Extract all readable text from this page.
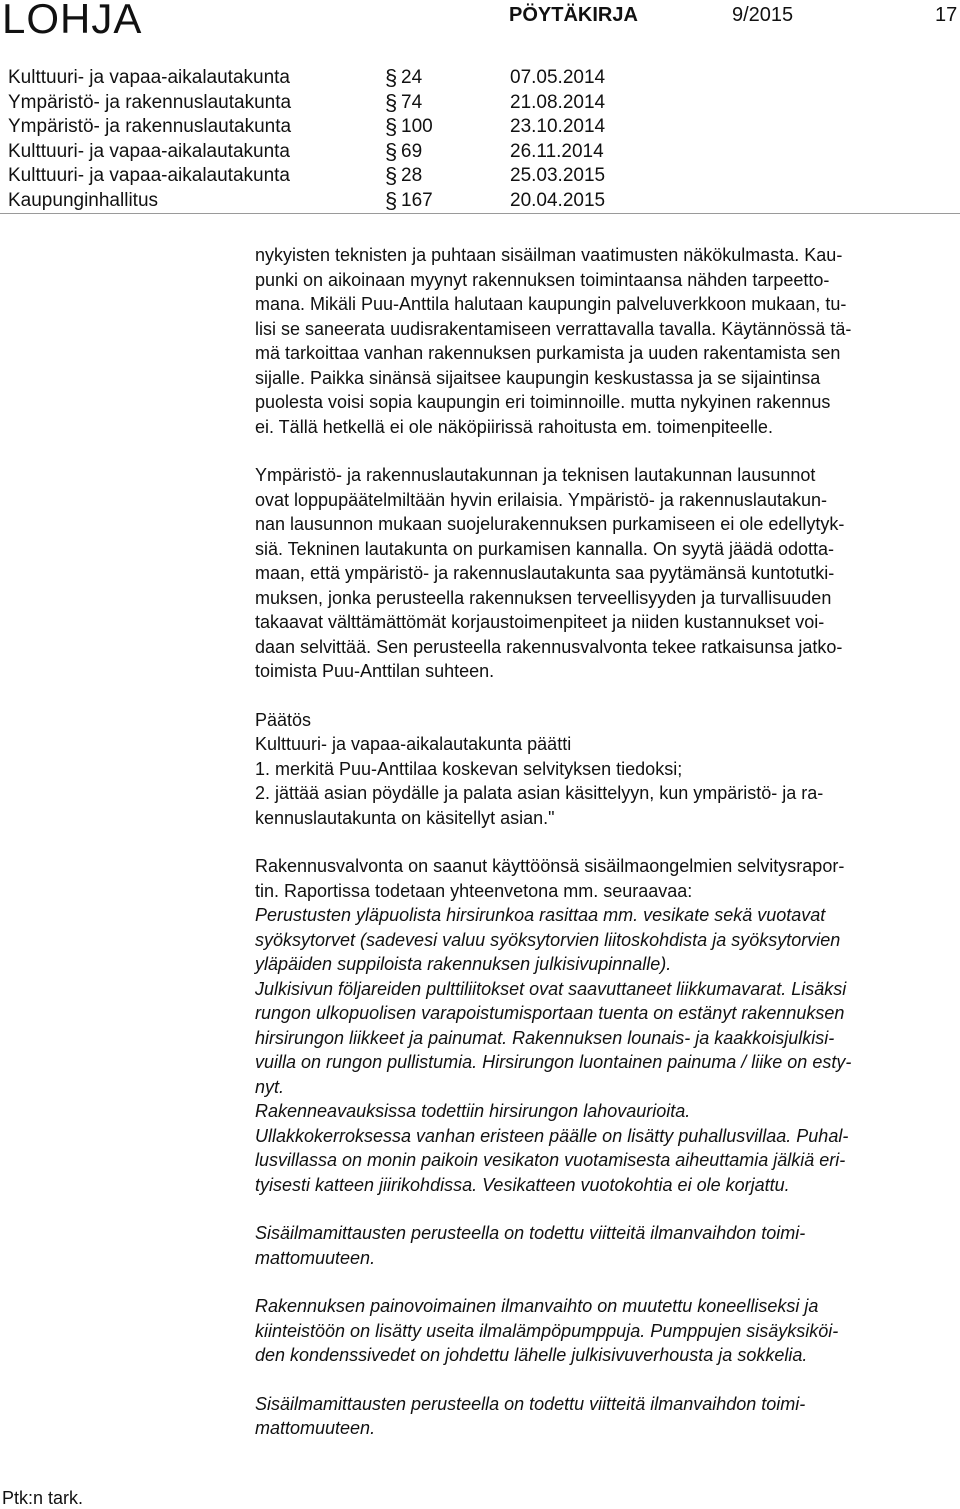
LOHJA	PÖYTÄKIRJA	9/2015	17
Kulttuuri- ja vapaa-aikalautakunta	§ 24	07.05.2014
Ympäristö- ja rakennuslautakunta	§ 74	21.08.2014
Ympäristö- ja rakennuslautakunta	§ 100	23.10.2014
Kulttuuri- ja vapaa-aikalautakunta	§ 69	26.11.2014
Kulttuuri- ja vapaa-aikalautakunta	§ 28	25.03.2015
Kaupunginhallitus	§ 167	20.04.2015

nykyisten teknisten ja puhtaan sisäilman vaatimusten näkökulmasta. Kau-
punki on aikoinaan myynyt rakennuksen toimintaansa nähden tarpeetto-
mana. Mikäli Puu-Anttila halutaan kaupungin palveluverkkoon mukaan, tu-
lisi se saneerata uudisrakentamiseen verrattavalla tavalla. Käytännössä tä-
mä tarkoittaa vanhan rakennuksen purkamista ja uuden rakentamista sen
sijalle. Paikka sinänsä sijaitsee kaupungin keskustassa ja se sijaintinsa
puolesta voisi sopia kaupungin eri toiminnoille. mutta nykyinen rakennus
ei. Tällä hetkellä ei ole näköpiirissä rahoitusta em. toimenpiteelle.

Ympäristö- ja rakennuslautakunnan ja teknisen lautakunnan lausunnot
ovat loppupäätelmiltään hyvin erilaisia. Ympäristö- ja rakennuslautakun-
nan lausunnon mukaan suojelurakennuksen purkamiseen ei ole edellytyk-
siä. Tekninen lautakunta on purkamisen kannalla. On syytä jäädä odotta-
maan, että ympäristö- ja rakennuslautakunta saa pyytämänsä kuntotutki-
muksen, jonka perusteella rakennuksen terveellisyyden ja turvallisuuden
takaavat välttämättömät korjaustoimenpiteet ja niiden kustannukset voi-
daan selvittää. Sen perusteella rakennusvalvonta tekee ratkaisunsa jatko-
toimista Puu-Anttilan suhteen.

Päätös
Kulttuuri- ja vapaa-aikalautakunta päätti
1. merkitä Puu-Anttilaa koskevan selvityksen tiedoksi;
2. jättää asian pöydälle ja palata asian käsittelyyn, kun ympäristö- ja ra-
kennuslautakunta on käsitellyt asian."

Rakennusvalvonta on saanut käyttöönsä sisäilmaongelmien selvitysrapor-
tin. Raportissa todetaan yhteenvetona mm. seuraavaa:
Perustusten yläpuolista hirsirunkoa rasittaa mm. vesikate sekä vuotavat
syöksytorvet (sadevesi valuu syöksytorvien liitoskohdista ja syöksytorvien
yläpäiden suppiloista rakennuksen julkisivupinnalle).
Julkisivun följareiden pulttiliitokset ovat saavuttaneet liikkumavarat. Lisäksi
rungon ulkopuolisen varapoistumisportaan tuenta on estänyt rakennuksen
hirsirungon liikkeet ja painumat. Rakennuksen lounais- ja kaakkoisjulkisi-
vuilla on rungon pullistumia. Hirsirungon luontainen painuma / liike on esty-
nyt.
Rakenneavauksissa todettiin hirsirungon lahovaurioita.
Ullakkokerroksessa vanhan eristeen päälle on lisätty puhallusvillaa. Puhal-
lusvillassa on monin paikoin vesikaton vuotamisesta aiheuttamia jälkiä eri-
tyisesti katteen jiirikohdissa. Vesikatteen vuotokohtia ei ole korjattu.

Sisäilmamittausten perusteella on todettu viitteitä ilmanvaihdon toimi-
mattomuuteen.

Rakennuksen painovoimainen ilmanvaihto on muutettu koneelliseksi ja
kiinteistöön on lisätty useita ilmalämpöpumppuja. Pumppujen sisäyksiköi-
den kondenssivedet on johdettu lähelle julkisivuverhousta ja sokkelia.

Sisäilmamittausten perusteella on todettu viitteitä ilmanvaihdon toimi-
mattomuuteen.

Ptk:n tark.
